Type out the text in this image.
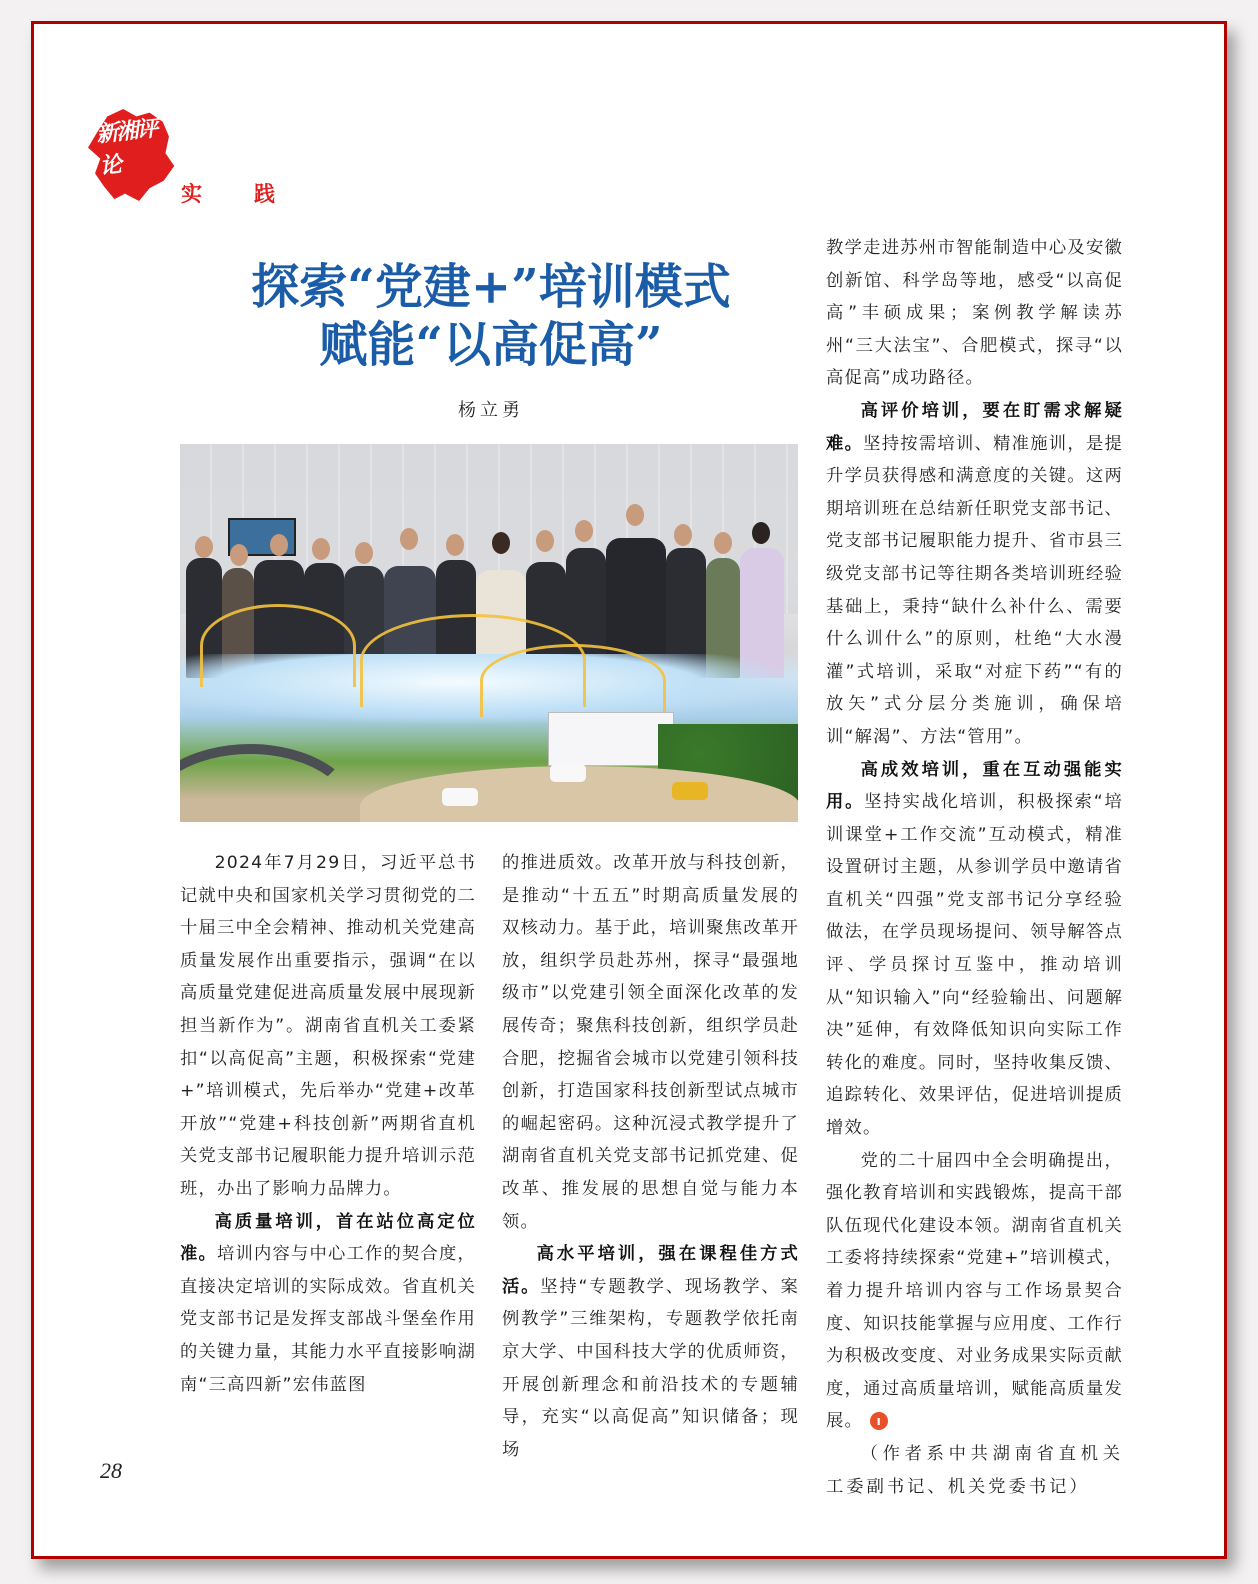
新湘评论
实 践
探索“党建+”培训模式
赋能“以高促高”
杨立勇

2024年7月29日，习近平总书记就中央和国家机关学习贯彻党的二十届三中全会精神、推动机关党建高质量发展作出重要指示，强调“在以高质量党建促进高质量发展中展现新担当新作为”。湖南省直机关工委紧扣“以高促高”主题，积极探索“党建+”培训模式，先后举办“党建+改革开放”“党建+科技创新”两期省直机关党支部书记履职能力提升培训示范班，办出了影响力品牌力。

高质量培训，首在站位高定位准。培训内容与中心工作的契合度，直接决定培训的实际成效。省直机关党支部书记是发挥支部战斗堡垒作用的关键力量，其能力水平直接影响湖南“三高四新”宏伟蓝图

的推进质效。改革开放与科技创新，是推动“十五五”时期高质量发展的双核动力。基于此，培训聚焦改革开放，组织学员赴苏州，探寻“最强地级市”以党建引领全面深化改革的发展传奇；聚焦科技创新，组织学员赴合肥，挖掘省会城市以党建引领科技创新，打造国家科技创新型试点城市的崛起密码。这种沉浸式教学提升了湖南省直机关党支部书记抓党建、促改革、推发展的思想自觉与能力本领。

高水平培训，强在课程佳方式活。坚持“专题教学、现场教学、案例教学”三维架构，专题教学依托南京大学、中国科技大学的优质师资，开展创新理念和前沿技术的专题辅导，充实“以高促高”知识储备；现场

教学走进苏州市智能制造中心及安徽创新馆、科学岛等地，感受“以高促高”丰硕成果；案例教学解读苏州“三大法宝”、合肥模式，探寻“以高促高”成功路径。

高评价培训，要在盯需求解疑难。坚持按需培训、精准施训，是提升学员获得感和满意度的关键。这两期培训班在总结新任职党支部书记、党支部书记履职能力提升、省市县三级党支部书记等往期各类培训班经验基础上，秉持“缺什么补什么、需要什么训什么”的原则，杜绝“大水漫灌”式培训，采取“对症下药”“有的放矢”式分层分类施训，确保培训“解渴”、方法“管用”。

高成效培训，重在互动强能实用。坚持实战化培训，积极探索“培训课堂+工作交流”互动模式，精准设置研讨主题，从参训学员中邀请省直机关“四强”党支部书记分享经验做法，在学员现场提问、领导解答点评、学员探讨互鉴中，推动培训从“知识输入”向“经验输出、问题解决”延伸，有效降低知识向实际工作转化的难度。同时，坚持收集反馈、追踪转化、效果评估，促进培训提质增效。

党的二十届四中全会明确提出，强化教育培训和实践锻炼，提高干部队伍现代化建设本领。湖南省直机关工委将持续探索“党建+”培训模式，着力提升培训内容与工作场景契合度、知识技能掌握与应用度、工作行为积极改变度、对业务成果实际贡献度，通过高质量培训，赋能高质量发展。 ı

（作者系中共湖南省直机关工委副书记、机关党委书记）

28
